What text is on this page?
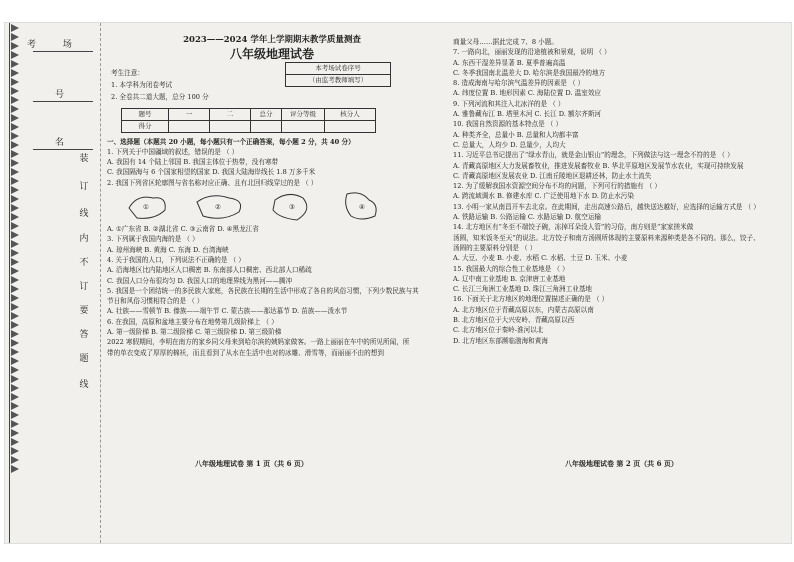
考 场
号
名
装
订
线
内
不
订
要
答
题
线

2023——2024 学年上学期期末教学质量测查

八年级地理试卷

考生注意：

1. 本学科为闭卷考试

2. 全卷共二道大题，总分 100 分

本考场试卷序号
（由监考教师填写）
题号	一	二	总分	评分等级	核分人
得分					

一、选择题（本题共 20 小题，每小题只有一个正确答案，每小题 2 分，共 40 分）

1. 下列关于中国疆域的叙述，错误的是 （ ）

A. 我国有 14 个陆上邻国 B. 我国主体位于热带，没有寒带

C. 我国隔海与 6 个国家相望的国家 D. 我国大陆海岸线长 1.8 万多千米

2. 我国下列省区轮廓图与省名称对应正确、且有北回归线穿过的是 （ ）

①	②	③	④

A. ①广东省 B. ②湖北省 C. ③云南省 D. ④黑龙江省

3. 下列属于我国内海的是 （ ）

A. 琼州海峡 B. 黄海 C. 东海 D. 台湾海峡

4. 关于我国的人口，下列说法不正确的是 （ ）

A. 沿海地区比内陆地区人口稠密 B. 东南部人口稠密、西北部人口稀疏

C. 我国人口分布很均匀 D. 我国人口的地理界线为黑河——腾冲

5. 我国是一个团结统一的多民族大家庭，各民族在长期的生活中形成了各自的风俗习惯，下列少数民族与其

节日和风俗习惯相符合的是 （ ）

A. 壮族——雪顿节 B. 傣族——端午节 C. 蒙古族——那达慕节 D. 苗族——泼水节

6. 在我国，高原和盆地主要分布在地势第几级阶梯上 （ ）

A. 第一级阶梯 B. 第二级阶梯 C. 第三级阶梯 D. 第三级阶梯

2022 寒假期间，李明在南方的家乡同父母来到哈尔滨的姨妈家做客。一路上丽丽在车中的所见所闻，所

带的单衣变成了厚厚的棉袄，而且看到了从水在生活中也对的冰雕、滑雪等，而丽丽不由的想到

八年级地理试卷 第 1 页（共 6 页）

商量父母……据此完成 7、8 小题。

7. 一路向北，丽丽发现的沿途植被和景观，说明 （ ）

A. 东西干湿差异显著 B. 夏季普遍高温

C. 冬季我国南北温差大 D. 哈尔滨是我国最冷的地方

8. 造成海南与哈尔滨气温差异的因素是 （ ）

A. 纬度位置 B. 地形因素 C. 海陆位置 D. 温室效应

9. 下列河流和其注入北冰洋的是 （ ）

A. 雅鲁藏布江 B. 塔里木河 C. 长江 D. 额尔齐斯河

10. 我国自然资源的基本特点是 （ ）

A. 种类齐全，总量小 B. 总量和人均都丰富

C. 总量大，人均少 D. 总量少，人均大

11. 习近平总书记提出了“绿水青山，就是金山银山”的理念，下列做法与这一理念不符的是 （ ）

A. 青藏高原地区大力发展畜牧业，推进发展畜牧业 B. 华北平原地区发展节水农业，实现可持续发展

C. 青藏高原地区发展农业 D. 江南丘陵地区退耕还林，防止水土流失

12. 为了缓解我国水资源空间分布不均的问题，下列可行的措施有 （ ）

A. 跨流域调水 B. 修建水库 C. 广泛使用地下水 D. 防止水污染

13. 小明一家从南昌开车去北京。在此期间，走出高速公路后，越快送达越好，应选择的运输方式是 （ ）

A. 铁路运输 B. 公路运输 C. 水路运输 D. 航空运输

14. 北方地区有“冬至不端饺子碗，冻掉耳朵没人管”的习俗，南方则是“家家搓米做

汤圆，知米饭冬至天”的说法。北方饺子和南方汤圆所体现的主要原料来源种类是各不同的。那么，饺子、

汤圆的主要原料分别是 （ ）

A. 大豆、小麦 B. 小麦、水稻 C. 水稻、土豆 D. 玉米、小麦

15. 我国最大的综合性工业基地是 （ ）

A. 辽中南工业基地 B. 京津唐工业基地

C. 长江三角洲工业基地 D. 珠江三角洲工业基地

16. 下面关于北方地区的地理位置描述正确的是 （ ）

A. 北方地区位于青藏高原以东，内蒙古高原以南

B. 北方地区位于大兴安岭、青藏高原以西

C. 北方地区位于秦岭-淮河以北

D. 北方地区东部濒临渤海和黄海

八年级地理试卷 第 2 页（共 6 页）
